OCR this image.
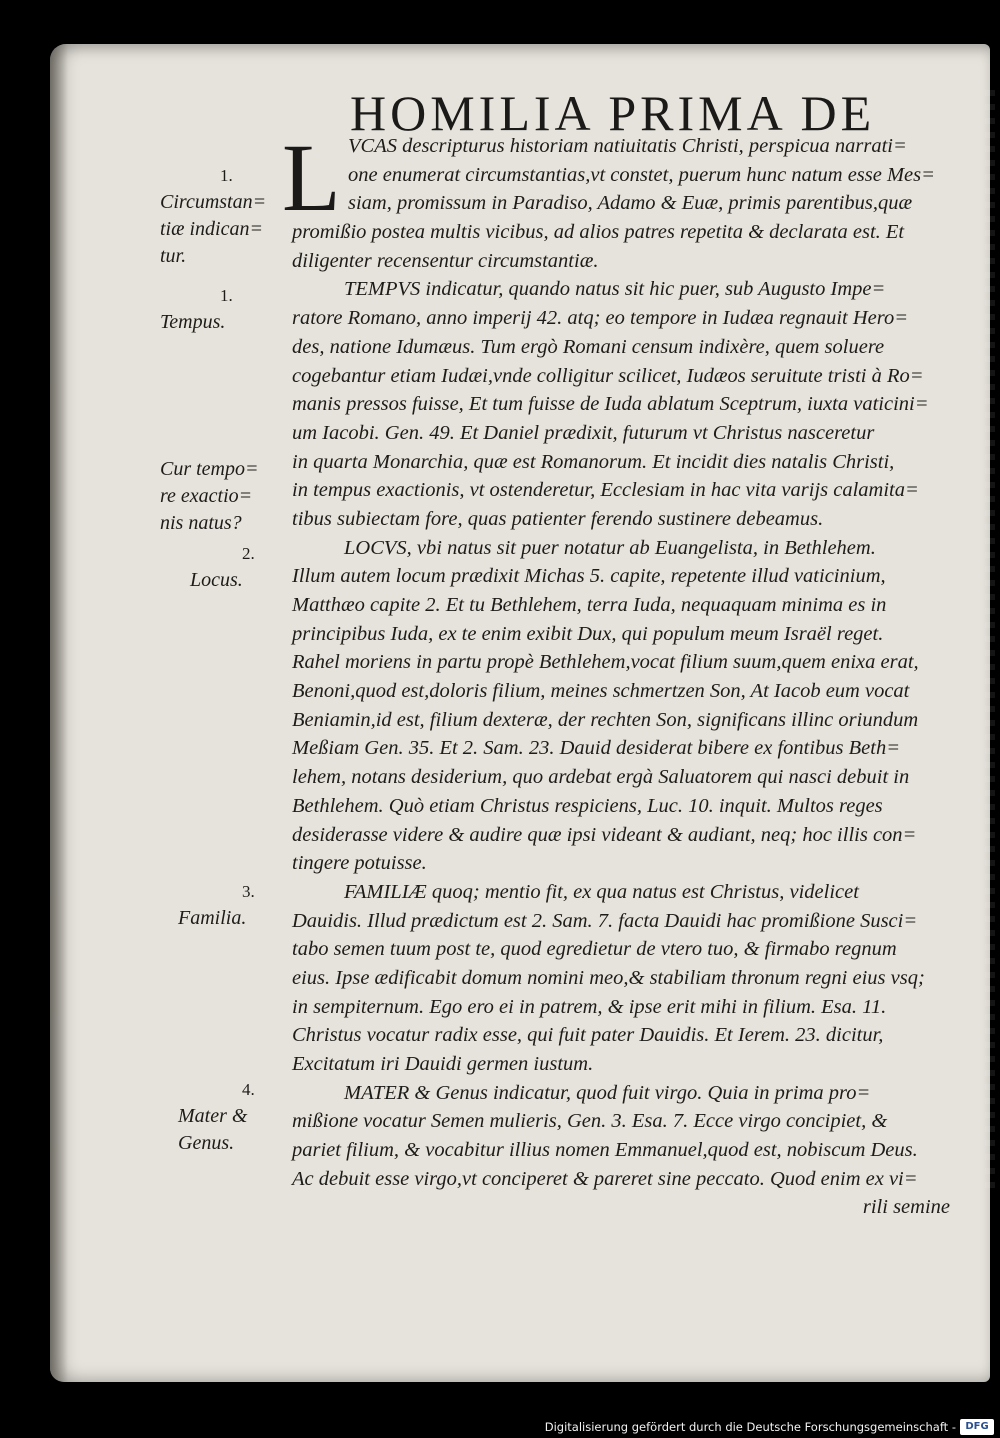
HOMILIA PRIMA DE
L
1.
Circumstan=
tiæ indican=
tur.
1.
Tempus.
Cur tempo=
re exactio=
nis natus?
2.
Locus.
3.
Familia.
4.
Mater &
Genus.
VCAS descripturus historiam natiuitatis Christi, perspicua narrati=
one enumerat circumstantias,vt constet, puerum hunc natum esse Mes=
siam, promissum in Paradiso, Adamo & Euæ, primis parentibus,quæ
promißio postea multis vicibus, ad alios patres repetita & declarata est. Et
diligenter recensentur circumstantiæ.
TEMPVS indicatur, quando natus sit hic puer, sub Augusto Impe=
ratore Romano, anno imperij 42. atq; eo tempore in Iudæa regnauit Hero=
des, natione Idumæus. Tum ergò Romani censum indixère, quem soluere
cogebantur etiam Iudæi,vnde colligitur scilicet, Iudæos seruitute tristi à Ro=
manis pressos fuisse, Et tum fuisse de Iuda ablatum Sceptrum, iuxta vaticini=
um Iacobi. Gen. 49. Et Daniel prædixit, futurum vt Christus nasceretur
in quarta Monarchia, quæ est Romanorum. Et incidit dies natalis Christi,
in tempus exactionis, vt ostenderetur, Ecclesiam in hac vita varijs calamita=
tibus subiectam fore, quas patienter ferendo sustinere debeamus.
LOCVS, vbi natus sit puer notatur ab Euangelista, in Bethlehem.
Illum autem locum prædixit Michas 5. capite, repetente illud vaticinium,
Matthæo capite 2. Et tu Bethlehem, terra Iuda, nequaquam minima es in
principibus Iuda, ex te enim exibit Dux, qui populum meum Israël reget.
Rahel moriens in partu propè Bethlehem,vocat filium suum,quem enixa erat,
Benoni,quod est,doloris filium, meines schmertzen Son, At Iacob eum vocat
Beniamin,id est, filium dexteræ, der rechten Son, significans illinc oriundum
Meßiam Gen. 35. Et 2. Sam. 23. Dauid desiderat bibere ex fontibus Beth=
lehem, notans desiderium, quo ardebat ergà Saluatorem qui nasci debuit in
Bethlehem. Quò etiam Christus respiciens, Luc. 10. inquit. Multos reges
desiderasse videre & audire quæ ipsi videant & audiant, neq; hoc illis con=
tingere potuisse.
FAMILIÆ quoq; mentio fit, ex qua natus est Christus, videlicet
Dauidis. Illud prædictum est 2. Sam. 7. facta Dauidi hac promißione Susci=
tabo semen tuum post te, quod egredietur de vtero tuo, & firmabo regnum
eius. Ipse ædificabit domum nomini meo,& stabiliam thronum regni eius vsq;
in sempiternum. Ego ero ei in patrem, & ipse erit mihi in filium. Esa. 11.
Christus vocatur radix esse, qui fuit pater Dauidis. Et Ierem. 23. dicitur,
Excitatum iri Dauidi germen iustum.
MATER & Genus indicatur, quod fuit virgo. Quia in prima pro=
mißione vocatur Semen mulieris, Gen. 3. Esa. 7. Ecce virgo concipiet, &
pariet filium, & vocabitur illius nomen Emmanuel,quod est, nobiscum Deus.
Ac debuit esse virgo,vt conciperet & pareret sine peccato. Quod enim ex vi=
rili semine
Digitalisierung gefördert durch die Deutsche Forschungsgemeinschaft - DFG
